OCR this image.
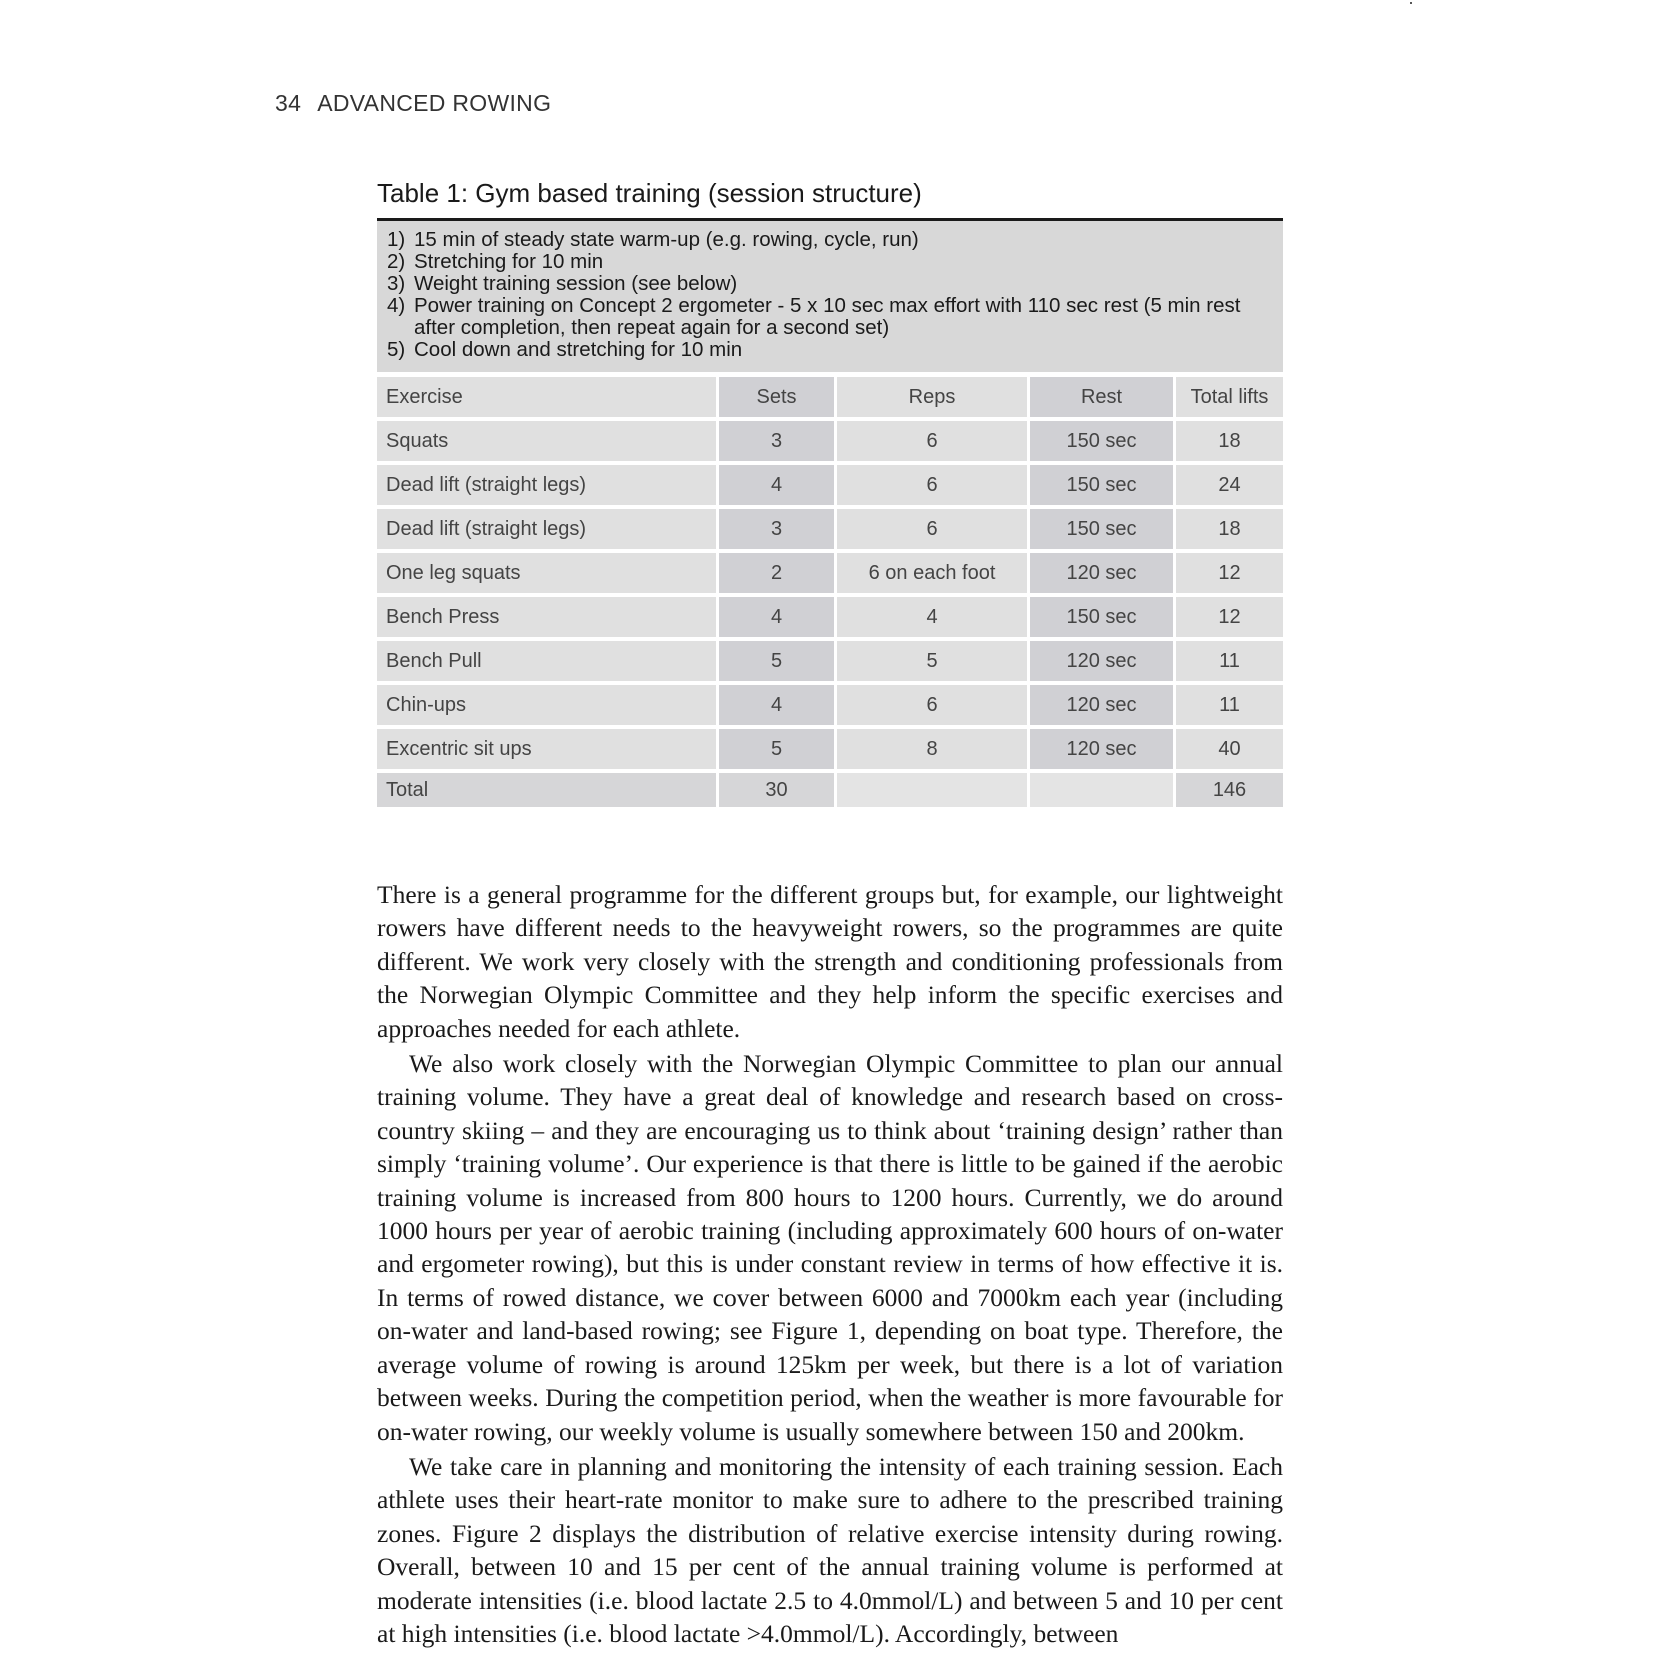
34 ADVANCED ROWING
Table 1: Gym based training (session structure)
1) 15 min of steady state warm-up (e.g. rowing, cycle, run)
2) Stretching for 10 min
3) Weight training session (see below)
4) Power training on Concept 2 ergometer - 5 x 10 sec max effort with 110 sec rest (5 min rest after completion, then repeat again for a second set)
5) Cool down and stretching for 10 min
Exercise	Sets	Reps	Rest	Total lifts
Squats	3	6	150 sec	18
Dead lift (straight legs)	4	6	150 sec	24
Dead lift (straight legs)	3	6	150 sec	18
One leg squats	2	6 on each foot	120 sec	12
Bench Press	4	4	150 sec	12
Bench Pull	5	5	120 sec	11
Chin-ups	4	6	120 sec	11
Excentric sit ups	5	8	120 sec	40
Total	30			146

There is a general programme for the different groups but, for example, our lightweight rowers have different needs to the heavyweight rowers, so the programmes are quite different. We work very closely with the strength and conditioning professionals from the Norwegian Olympic Committee and they help inform the specific exercises and approaches needed for each athlete.

We also work closely with the Norwegian Olympic Committee to plan our annual training volume. They have a great deal of knowledge and research based on cross-country skiing – and they are encouraging us to think about ‘training design’ rather than simply ‘training volume’. Our experience is that there is little to be gained if the aerobic training volume is increased from 800 hours to 1200 hours. Currently, we do around 1000 hours per year of aerobic training (including approximately 600 hours of on-water and ergometer rowing), but this is under constant review in terms of how effective it is. In terms of rowed distance, we cover between 6000 and 7000km each year (including on-water and land-based rowing; see Figure 1, depending on boat type. Therefore, the average volume of rowing is around 125km per week, but there is a lot of variation between weeks. During the competition period, when the weather is more favourable for on-water rowing, our weekly volume is usually somewhere between 150 and 200km.

We take care in planning and monitoring the intensity of each training session. Each athlete uses their heart-rate monitor to make sure to adhere to the prescribed training zones. Figure 2 displays the distribution of relative exercise intensity during rowing. Overall, between 10 and 15 per cent of the annual training volume is performed at moderate intensities (i.e. blood lactate 2.5 to 4.0mmol/L) and between 5 and 10 per cent at high intensities (i.e. blood lactate >4.0mmol/L). Accordingly, between
